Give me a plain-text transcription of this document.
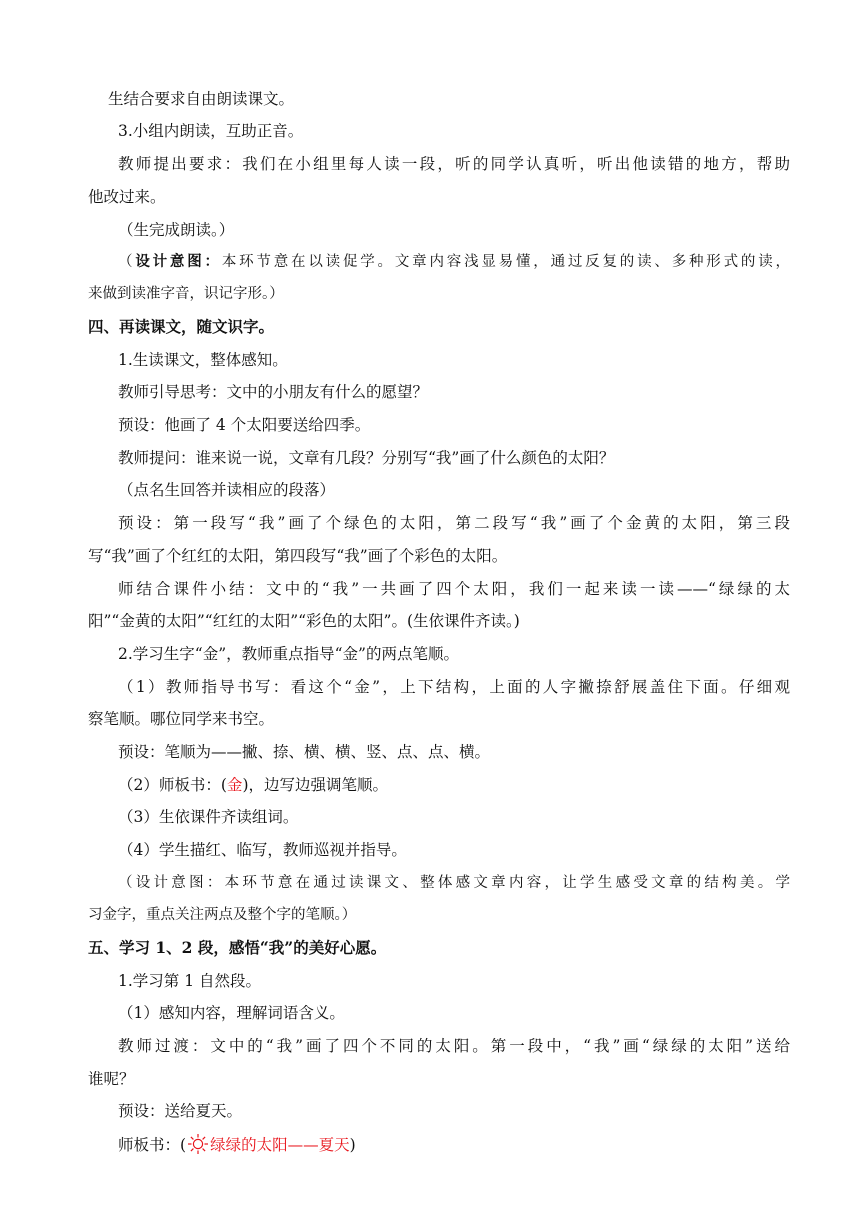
生结合要求自由朗读课文。
3.小组内朗读，互助正音。
教师提出要求：我们在小组里每人读一段，听的同学认真听，听出他读错的地方，帮助
他改过来。
（生完成朗读。）
（设计意图：本环节意在以读促学。文章内容浅显易懂，通过反复的读、多种形式的读，
来做到读准字音，识记字形。）
四、再读课文，随文识字。
1.生读课文，整体感知。
教师引导思考：文中的小朋友有什么的愿望？
预设：他画了 4 个太阳要送给四季。
教师提问：谁来说一说，文章有几段？分别写“我”画了什么颜色的太阳？
（点名生回答并读相应的段落）
预设：第一段写“我”画了个绿色的太阳，第二段写“我”画了个金黄的太阳，第三段
写“我”画了个红红的太阳，第四段写“我”画了个彩色的太阳。
师结合课件小结：文中的“我”一共画了四个太阳，我们一起来读一读——“绿绿的太
阳”“金黄的太阳”“红红的太阳”“彩色的太阳”。(生依课件齐读。)
2.学习生字“金”，教师重点指导“金”的两点笔顺。
（1）教师指导书写：看这个“金”，上下结构，上面的人字撇捺舒展盖住下面。仔细观
察笔顺。哪位同学来书空。
预设：笔顺为——撇、捺、横、横、竖、点、点、横。
（2）师板书：(金)，边写边强调笔顺。
（3）生依课件齐读组词。
（4）学生描红、临写，教师巡视并指导。
（设计意图：本环节意在通过读课文、整体感文章内容，让学生感受文章的结构美。学
习金字，重点关注两点及整个字的笔顺。）
五、学习 1、2 段，感悟“我”的美好心愿。
1.学习第 1 自然段。
（1）感知内容，理解词语含义。
教师过渡：文中的“我”画了四个不同的太阳。第一段中，“我”画“绿绿的太阳”送给
谁呢？
预设：送给夏天。
师板书：( 绿绿的太阳——夏天)
